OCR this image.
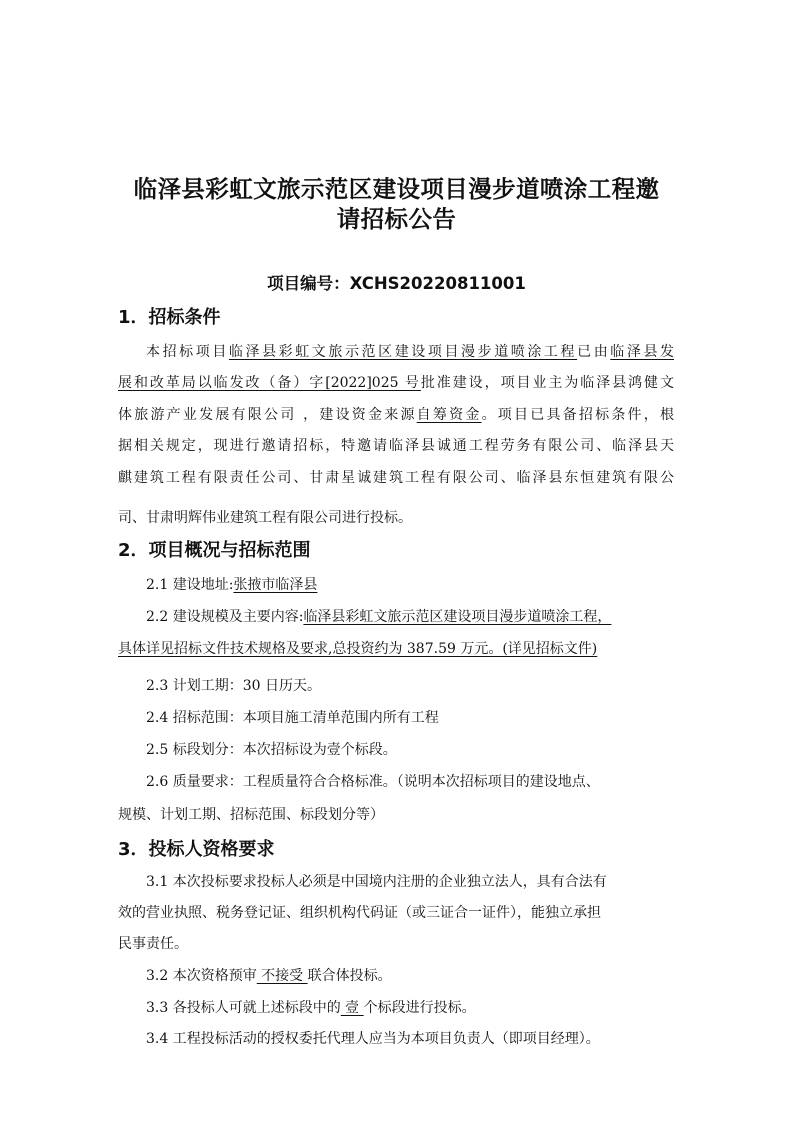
临泽县彩虹文旅示范区建设项目漫步道喷涂工程邀
请招标公告
项目编号：XCHS20220811001
1．招标条件
本招标项目临泽县彩虹文旅示范区建设项目漫步道喷涂工程已由临泽县发
展和改革局以临发改（备）字[2022]025 号批准建设，项目业主为临泽县鸿健文
体旅游产业发展有限公司 ，建设资金来源自筹资金。项目已具备招标条件，根
据相关规定，现进行邀请招标，特邀请临泽县诚通工程劳务有限公司、临泽县天
麒建筑工程有限责任公司、甘肃星诚建筑工程有限公司、临泽县东恒建筑有限公
司、甘肃明辉伟业建筑工程有限公司进行投标。
2．项目概况与招标范围
2.1 建设地址:张掖市临泽县
2.2 建设规模及主要内容:临泽县彩虹文旅示范区建设项目漫步道喷涂工程，
具体详见招标文件技术规格及要求,总投资约为 387.59 万元。(详见招标文件)
2.3 计划工期：30 日历天。
2.4 招标范围：本项目施工清单范围内所有工程
2.5 标段划分：本次招标设为壹个标段。
2.6 质量要求：工程质量符合合格标准。（说明本次招标项目的建设地点、
规模、计划工期、招标范围、标段划分等）
3．投标人资格要求
3.1 本次投标要求投标人必须是中国境内注册的企业独立法人，具有合法有
效的营业执照、税务登记证、组织机构代码证（或三证合一证件），能独立承担
民事责任。
3.2 本次资格预审 不接受 联合体投标。
3.3 各投标人可就上述标段中的 壹 个标段进行投标。
3.4 工程投标活动的授权委托代理人应当为本项目负责人（即项目经理）。
